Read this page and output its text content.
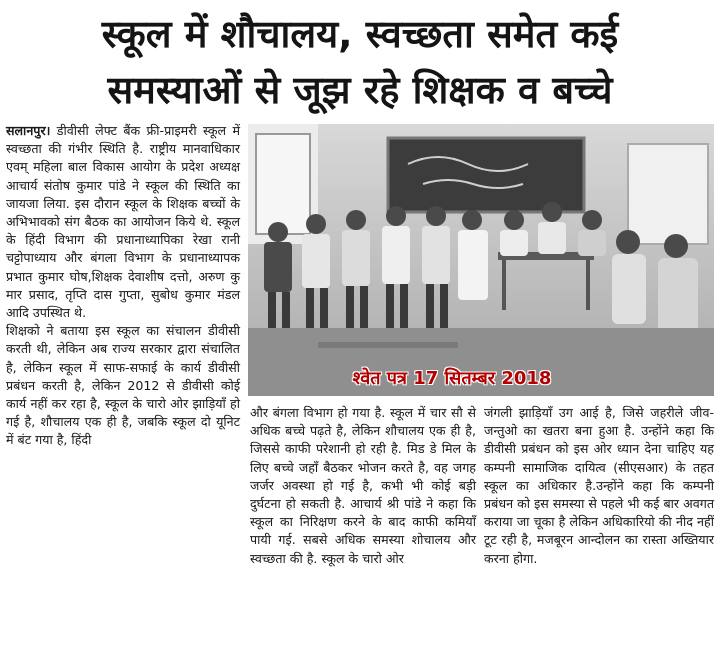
स्कूल में शौचालय, स्वच्छता समेत कई
समस्याओं से जूझ रहे शिक्षक व बच्चे

सलानपुर। डीवीसी लेफ्ट बैंक फ्री-प्राइमरी स्कूल में स्वच्छता की गंभीर स्थिति है. राष्ट्रीय मानवाधिकार एवम् महिला बाल विकास आयोग के प्रदेश अध्यक्ष आचार्य संतोष कुमार पांडे ने स्कूल की स्थिति का जायजा लिया. इस दौरान स्कूल के शिक्षक बच्चों के अभिभावको संग बैठक का आयोजन किये थे. स्कूल के हिंदी विभाग की प्रधानाध्यापिका रेखा रानी चट्टोपाध्याय और बंगला विभाग के प्रधानाध्यापक प्रभात कुमार घोष,शिक्षक देवाशीष दत्तो, अरुण कु मार प्रसाद, तृप्ति दास गुप्ता, सुबोध कुमार मंडल आदि उपस्थित थे.

शिक्षको ने बताया इस स्कूल का संचालन डीवीसी करती थी, लेकिन अब राज्य सरकार द्वारा संचालित है, लेकिन स्कूल में साफ-सफाई के कार्य डीवीसी प्रबंधन करती है, लेकिन 2012 से डीवीसी कोई कार्य नहीं कर रहा है, स्कूल के चारो ओर झाड़ियाँ हो गई है, शौचालय एक ही है, जबकि स्कूल दो यूनिट में बंट गया है, हिंदी

श्वेत पत्र 17 सितम्बर 2018

और बंगला विभाग हो गया है. स्कूल में चार सौ से अधिक बच्चे पढ़ते है, लेकिन शौचालय एक ही है, जिससे काफी परेशानी हो रही है. मिड डे मिल के लिए बच्चे जहाँ बैठकर भोजन करते है, वह जगह जर्जर अवस्था हो गई है, कभी भी कोई बड़ी दुर्घटना हो सकती है. आचार्य श्री पांडे ने कहा कि स्कूल का निरिक्षण करने के बाद काफी कमियाँ पायी गई. सबसे अधिक समस्या शोचालय और स्वच्छता की है. स्कूल के चारो ओर

जंगली झाड़ियाँ उग आई है, जिसे जहरीले जीव-जन्तुओ का खतरा बना हुआ है. उन्होंने कहा कि डीवीसी प्रबंधन को इस ओर ध्यान देना चाहिए यह कम्पनी सामाजिक दायित्व (सीएसआर) के तहत स्कूल का अधिकार है.उन्होंने कहा कि कम्पनी प्रबंधन को इस समस्या से पहले भी कई बार अवगत कराया जा चूका है लेकिन अधिकारियो की नीद नहीं टूट रही है, मजबूरन आन्दोलन का रास्ता अख्तियार करना होगा.
